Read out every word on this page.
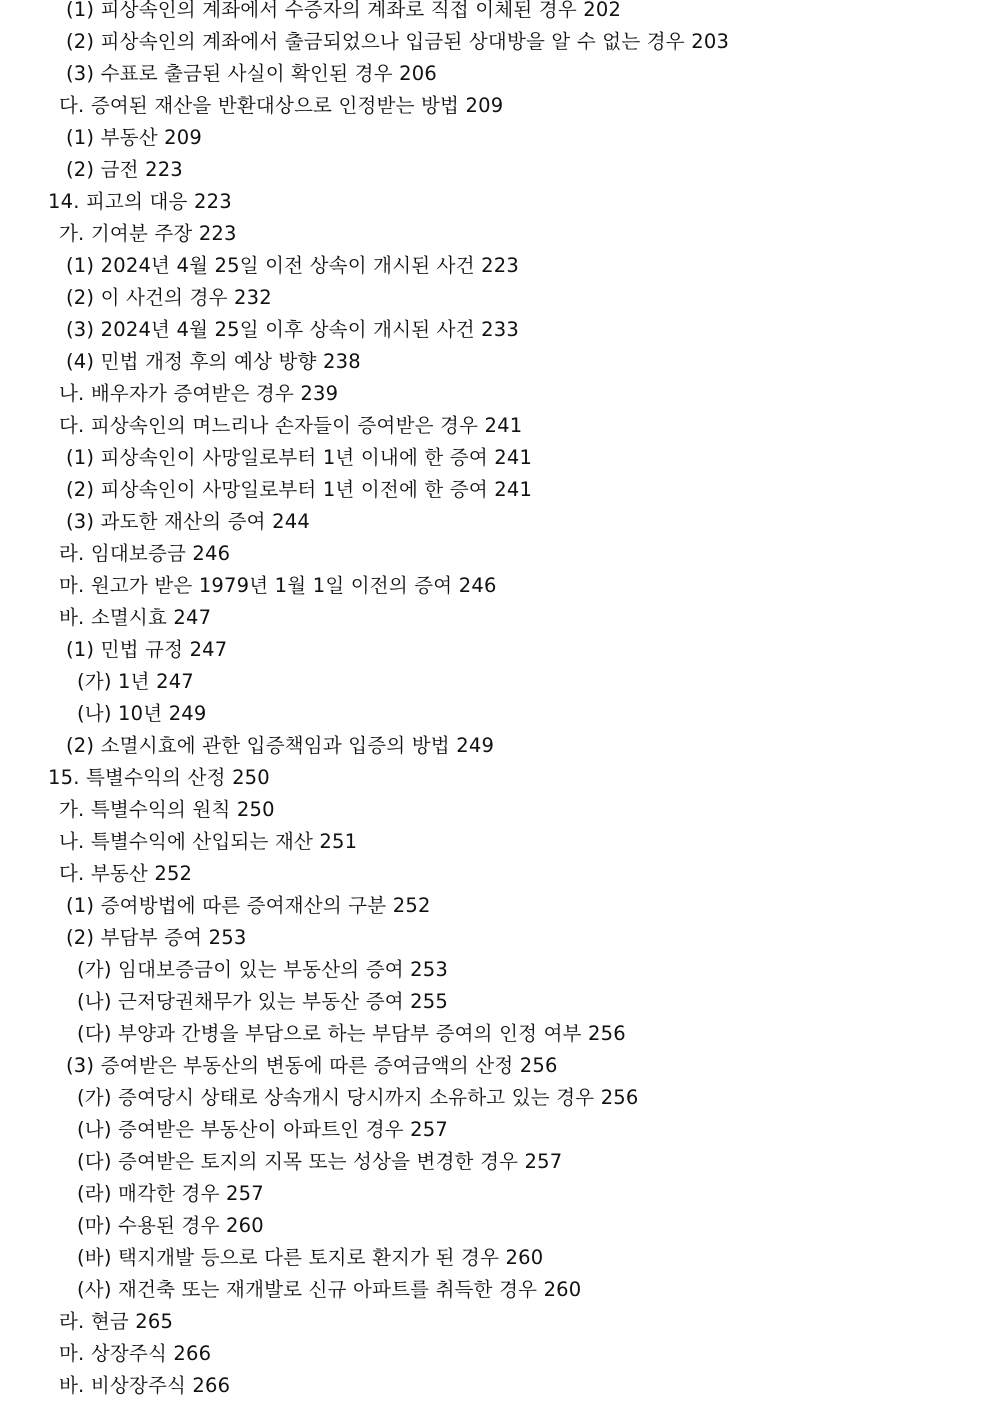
(1) 피상속인의 계좌에서 수증자의 계좌로 직접 이체된 경우 202
(2) 피상속인의 계좌에서 출금되었으나 입금된 상대방을 알 수 없는 경우 203
(3) 수표로 출금된 사실이 확인된 경우 206
다. 증여된 재산을 반환대상으로 인정받는 방법 209
(1) 부동산 209
(2) 금전 223
14. 피고의 대응 223
가. 기여분 주장 223
(1) 2024년 4월 25일 이전 상속이 개시된 사건 223
(2) 이 사건의 경우 232
(3) 2024년 4월 25일 이후 상속이 개시된 사건 233
(4) 민법 개정 후의 예상 방향 238
나. 배우자가 증여받은 경우 239
다. 피상속인의 며느리나 손자들이 증여받은 경우 241
(1) 피상속인이 사망일로부터 1년 이내에 한 증여 241
(2) 피상속인이 사망일로부터 1년 이전에 한 증여 241
(3) 과도한 재산의 증여 244
라. 임대보증금 246
마. 원고가 받은 1979년 1월 1일 이전의 증여 246
바. 소멸시효 247
(1) 민법 규정 247
(가) 1년 247
(나) 10년 249
(2) 소멸시효에 관한 입증책임과 입증의 방법 249
15. 특별수익의 산정 250
가. 특별수익의 원칙 250
나. 특별수익에 산입되는 재산 251
다. 부동산 252
(1) 증여방법에 따른 증여재산의 구분 252
(2) 부담부 증여 253
(가) 임대보증금이 있는 부동산의 증여 253
(나) 근저당권채무가 있는 부동산 증여 255
(다) 부양과 간병을 부담으로 하는 부담부 증여의 인정 여부 256
(3) 증여받은 부동산의 변동에 따른 증여금액의 산정 256
(가) 증여당시 상태로 상속개시 당시까지 소유하고 있는 경우 256
(나) 증여받은 부동산이 아파트인 경우 257
(다) 증여받은 토지의 지목 또는 성상을 변경한 경우 257
(라) 매각한 경우 257
(마) 수용된 경우 260
(바) 택지개발 등으로 다른 토지로 환지가 된 경우 260
(사) 재건축 또는 재개발로 신규 아파트를 취득한 경우 260
라. 현금 265
마. 상장주식 266
바. 비상장주식 266
